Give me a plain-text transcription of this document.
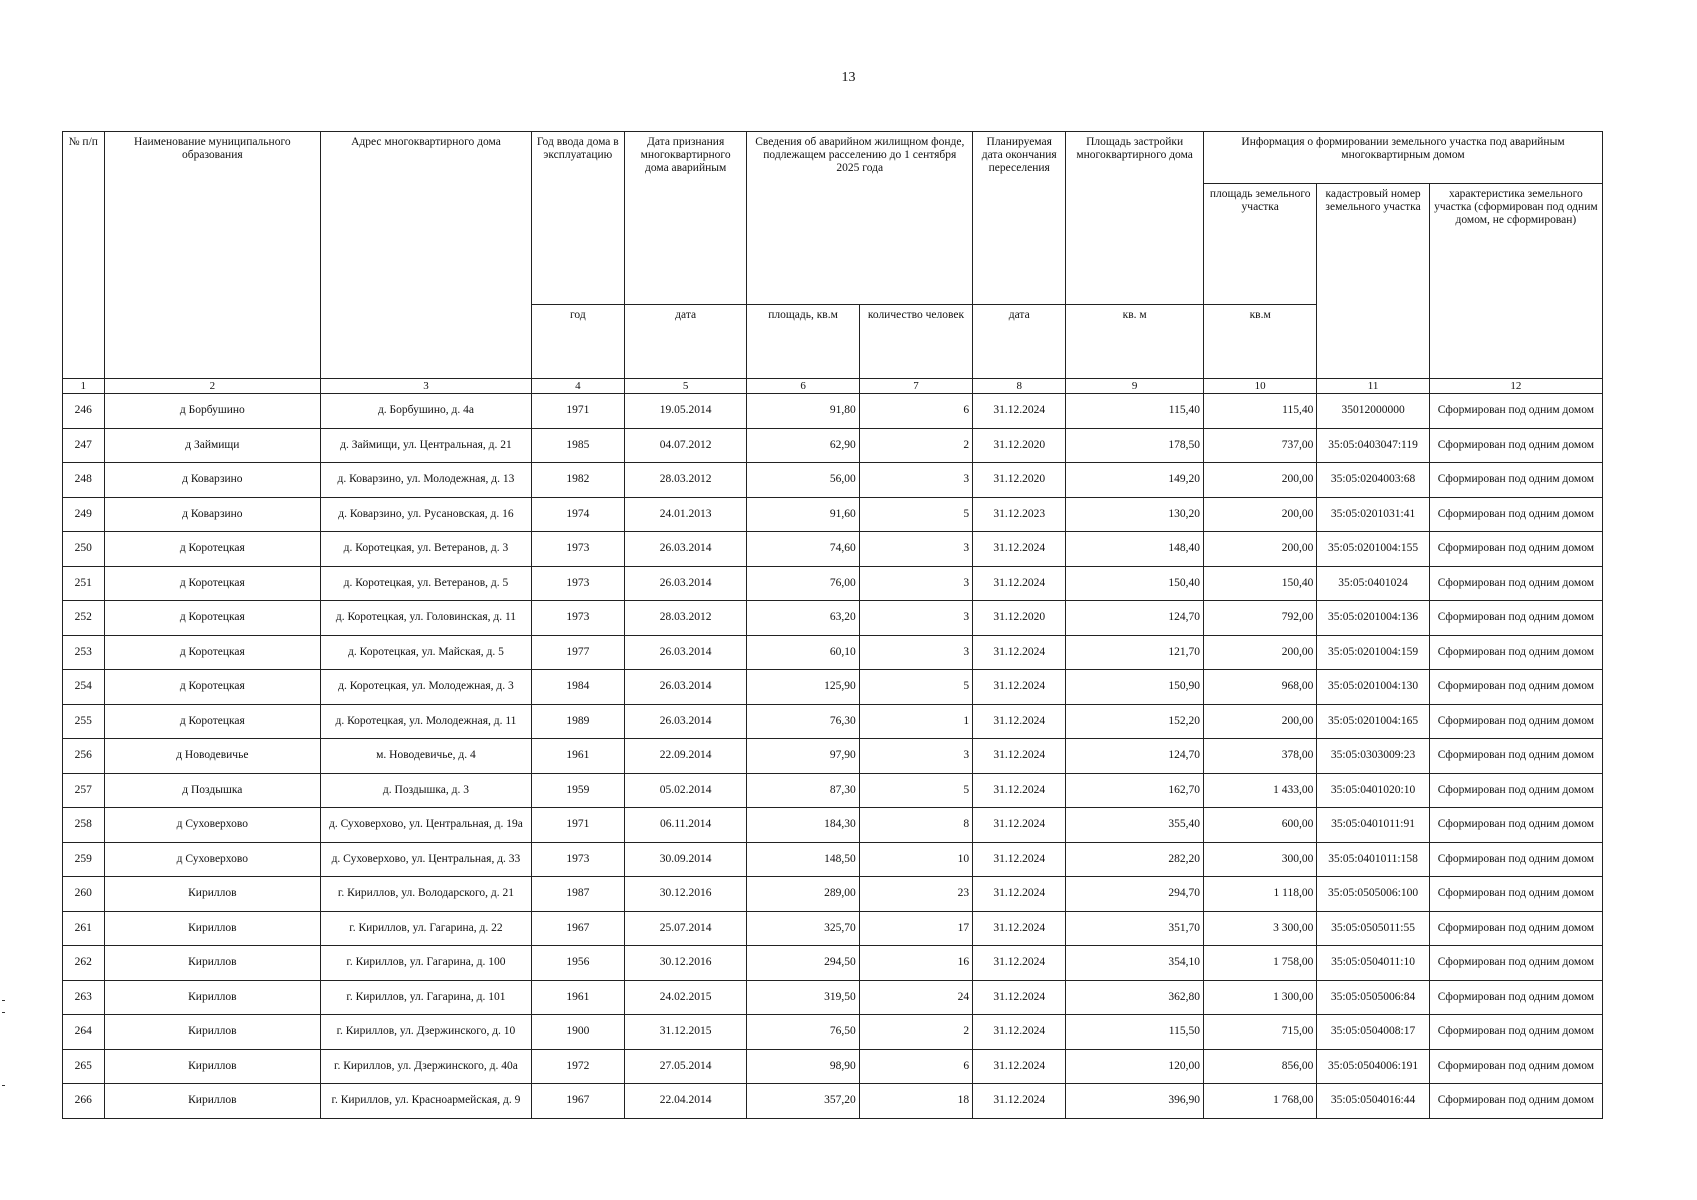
13
№ п/п	Наименование муниципального образования	Адрес многоквартирного дома	Год ввода дома в эксплуатацию	Дата признания многоквартирного дома аварийным	Сведения об аварийном жилищном фонде, подлежащем расселению до 1 сентября 2025 года		Планируемая дата окончания переселения	Площадь застройки многоквартирного дома	Информация о формировании земельного участка под аварийным многоквартирным домом		
									площадь земельного участка	кадастровый номер земельного участка	характеристика земельного участка (сформирован под одним домом, не сформирован)
			год	дата	площадь, кв.м	количество человек	дата	кв. м	кв.м		
1	2	3	4	5	6	7	8	9	10	11	12
246	д Борбушино	д. Борбушино, д. 4а	1971	19.05.2014	91,80	6	31.12.2024	115,40	115,40	35012000000	Сформирован под одним домом
247	д Займищи	д. Займищи, ул. Центральная, д. 21	1985	04.07.2012	62,90	2	31.12.2020	178,50	737,00	35:05:0403047:119	Сформирован под одним домом
248	д Коварзино	д. Коварзино, ул. Молодежная, д. 13	1982	28.03.2012	56,00	3	31.12.2020	149,20	200,00	35:05:0204003:68	Сформирован под одним домом
249	д Коварзино	д. Коварзино, ул. Русановская, д. 16	1974	24.01.2013	91,60	5	31.12.2023	130,20	200,00	35:05:0201031:41	Сформирован под одним домом
250	д Коротецкая	д. Коротецкая, ул. Ветеранов, д. 3	1973	26.03.2014	74,60	3	31.12.2024	148,40	200,00	35:05:0201004:155	Сформирован под одним домом
251	д Коротецкая	д. Коротецкая, ул. Ветеранов, д. 5	1973	26.03.2014	76,00	3	31.12.2024	150,40	150,40	35:05:0401024	Сформирован под одним домом
252	д Коротецкая	д. Коротецкая, ул. Головинская, д. 11	1973	28.03.2012	63,20	3	31.12.2020	124,70	792,00	35:05:0201004:136	Сформирован под одним домом
253	д Коротецкая	д. Коротецкая, ул. Майская, д. 5	1977	26.03.2014	60,10	3	31.12.2024	121,70	200,00	35:05:0201004:159	Сформирован под одним домом
254	д Коротецкая	д. Коротецкая, ул. Молодежная, д. 3	1984	26.03.2014	125,90	5	31.12.2024	150,90	968,00	35:05:0201004:130	Сформирован под одним домом
255	д Коротецкая	д. Коротецкая, ул. Молодежная, д. 11	1989	26.03.2014	76,30	1	31.12.2024	152,20	200,00	35:05:0201004:165	Сформирован под одним домом
256	д Новодевичье	м. Новодевичье, д. 4	1961	22.09.2014	97,90	3	31.12.2024	124,70	378,00	35:05:0303009:23	Сформирован под одним домом
257	д Поздышка	д. Поздышка, д. 3	1959	05.02.2014	87,30	5	31.12.2024	162,70	1 433,00	35:05:0401020:10	Сформирован под одним домом
258	д Суховерхово	д. Суховерхово, ул. Центральная, д. 19а	1971	06.11.2014	184,30	8	31.12.2024	355,40	600,00	35:05:0401011:91	Сформирован под одним домом
259	д Суховерхово	д. Суховерхово, ул. Центральная, д. 33	1973	30.09.2014	148,50	10	31.12.2024	282,20	300,00	35:05:0401011:158	Сформирован под одним домом
260	Кириллов	г. Кириллов, ул. Володарского, д. 21	1987	30.12.2016	289,00	23	31.12.2024	294,70	1 118,00	35:05:0505006:100	Сформирован под одним домом
261	Кириллов	г. Кириллов, ул. Гагарина, д. 22	1967	25.07.2014	325,70	17	31.12.2024	351,70	3 300,00	35:05:0505011:55	Сформирован под одним домом
262	Кириллов	г. Кириллов, ул. Гагарина, д. 100	1956	30.12.2016	294,50	16	31.12.2024	354,10	1 758,00	35:05:0504011:10	Сформирован под одним домом
263	Кириллов	г. Кириллов, ул. Гагарина, д. 101	1961	24.02.2015	319,50	24	31.12.2024	362,80	1 300,00	35:05:0505006:84	Сформирован под одним домом
264	Кириллов	г. Кириллов, ул. Дзержинского, д. 10	1900	31.12.2015	76,50	2	31.12.2024	115,50	715,00	35:05:0504008:17	Сформирован под одним домом
265	Кириллов	г. Кириллов, ул. Дзержинского, д. 40а	1972	27.05.2014	98,90	6	31.12.2024	120,00	856,00	35:05:0504006:191	Сформирован под одним домом
266	Кириллов	г. Кириллов, ул. Красноармейская, д. 9	1967	22.04.2014	357,20	18	31.12.2024	396,90	1 768,00	35:05:0504016:44	Сформирован под одним домом
